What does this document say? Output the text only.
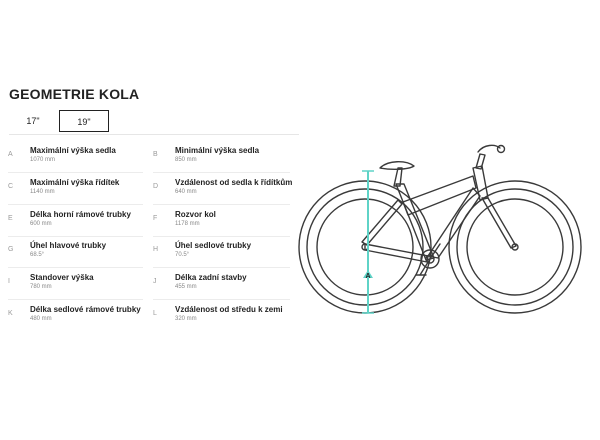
GEOMETRIE KOLA
17"	19"
A Maximální výška sedla
1070 mm
B Minimální výška sedla
850 mm
C Maximální výška řídítek
1140 mm
D Vzdálenost od sedla k řídítkům
640 mm
E Délka horní rámové trubky
600 mm
F Rozvor kol
1178 mm
G Úhel hlavové trubky
68.5°
H Úhel sedlové trubky
70.5°
I	Standover výška
780 mm
J Délka zadní stavby
455 mm
K Délka sedlové rámové trubky
480 mm
L Vzdálenost od středu k zemi
320 mm
A
